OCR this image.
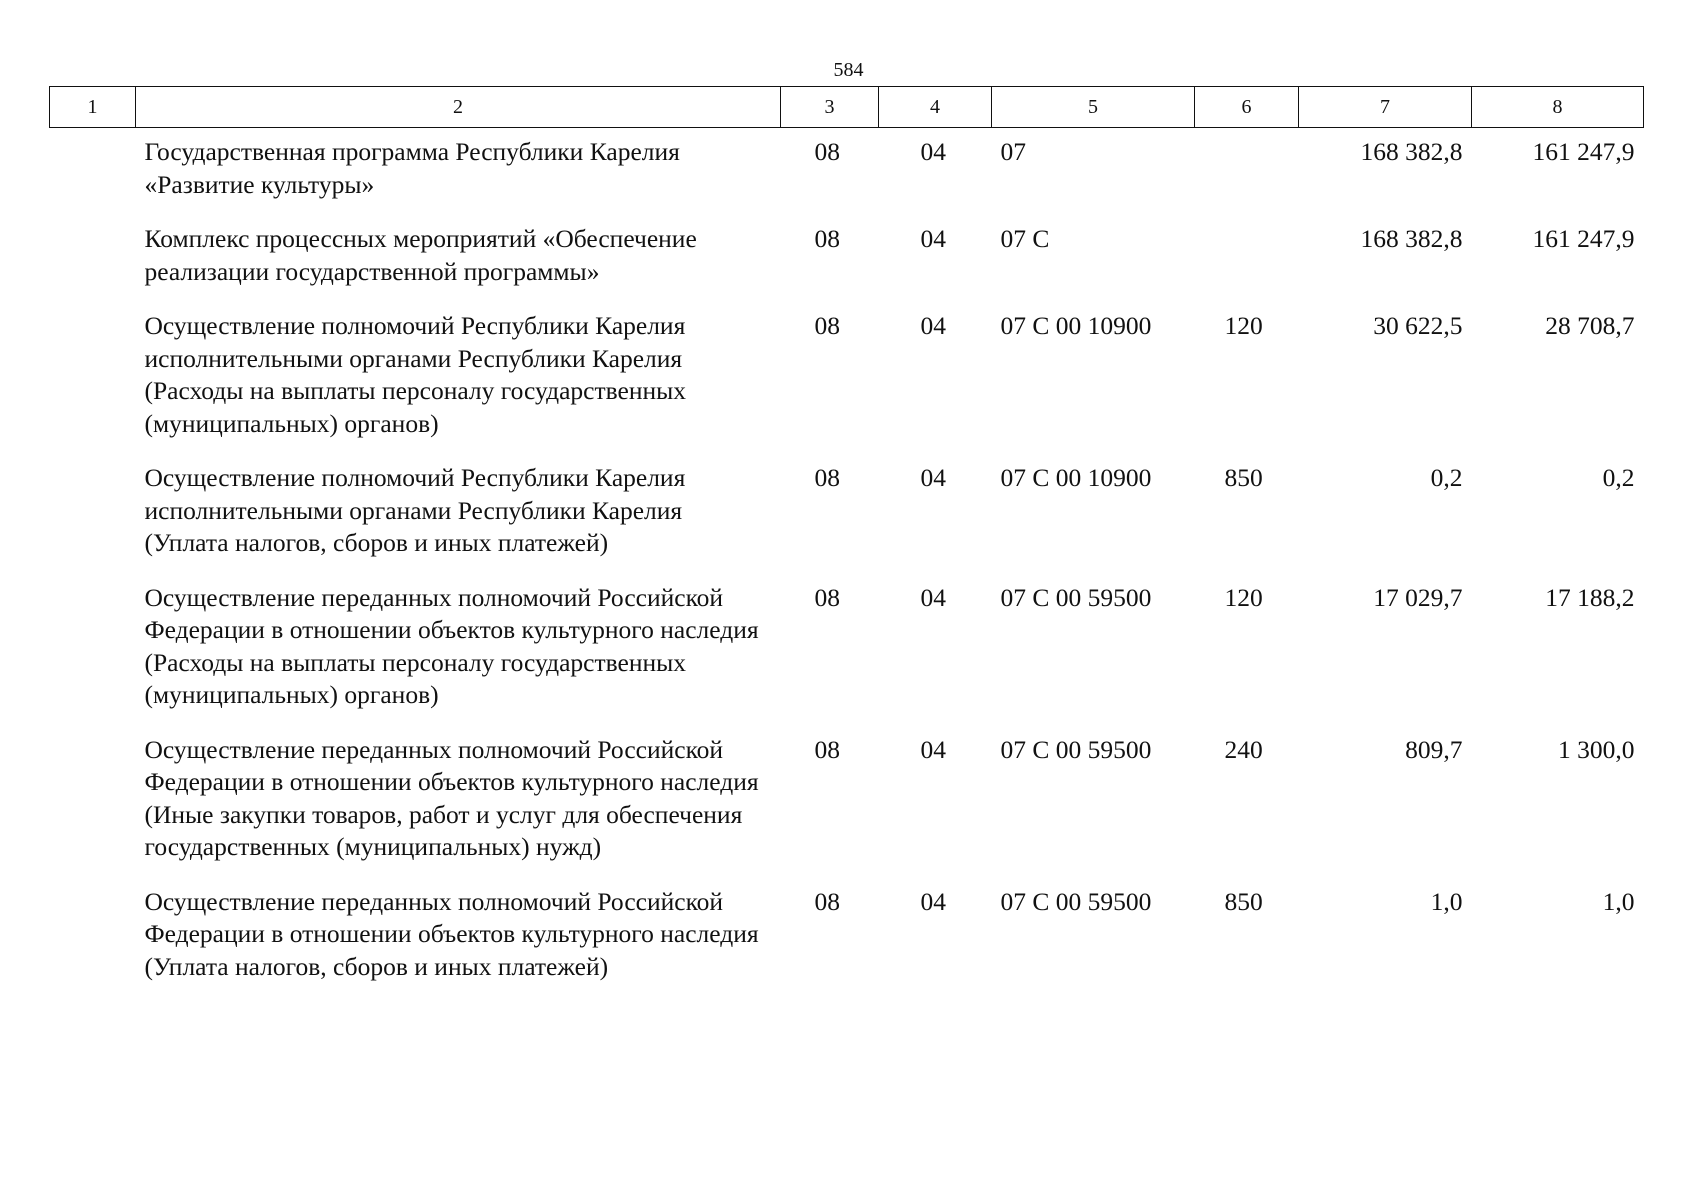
584
1	2	3	4	5	6	7	8
	Государственная программа Республики Карелия «Развитие культуры»	08	04	07		168 382,8	161 247,9
	Комплекс процессных мероприятий «Обеспечение реализации государственной программы»	08	04	07 С		168 382,8	161 247,9
	Осуществление полномочий Республики Карелия исполнительными органами Республики Карелия (Расходы на выплаты персоналу государственных (муниципальных) органов)	08	04	07 С 00 10900	120	30 622,5	28 708,7
	Осуществление полномочий Республики Карелия исполнительными органами Республики Карелия (Уплата налогов, сборов и иных платежей)	08	04	07 С 00 10900	850	0,2	0,2
	Осуществление переданных полномочий Российской Федерации в отношении объектов культурного наследия (Расходы на выплаты персоналу государственных (муниципальных) органов)	08	04	07 С 00 59500	120	17 029,7	17 188,2
	Осуществление переданных полномочий Российской Федерации в отношении объектов культурного наследия (Иные закупки товаров, работ и услуг для обеспечения государственных (муниципальных) нужд)	08	04	07 С 00 59500	240	809,7	1 300,0
	Осуществление переданных полномочий Российской Федерации в отношении объектов культурного наследия (Уплата налогов, сборов и иных платежей)	08	04	07 С 00 59500	850	1,0	1,0
